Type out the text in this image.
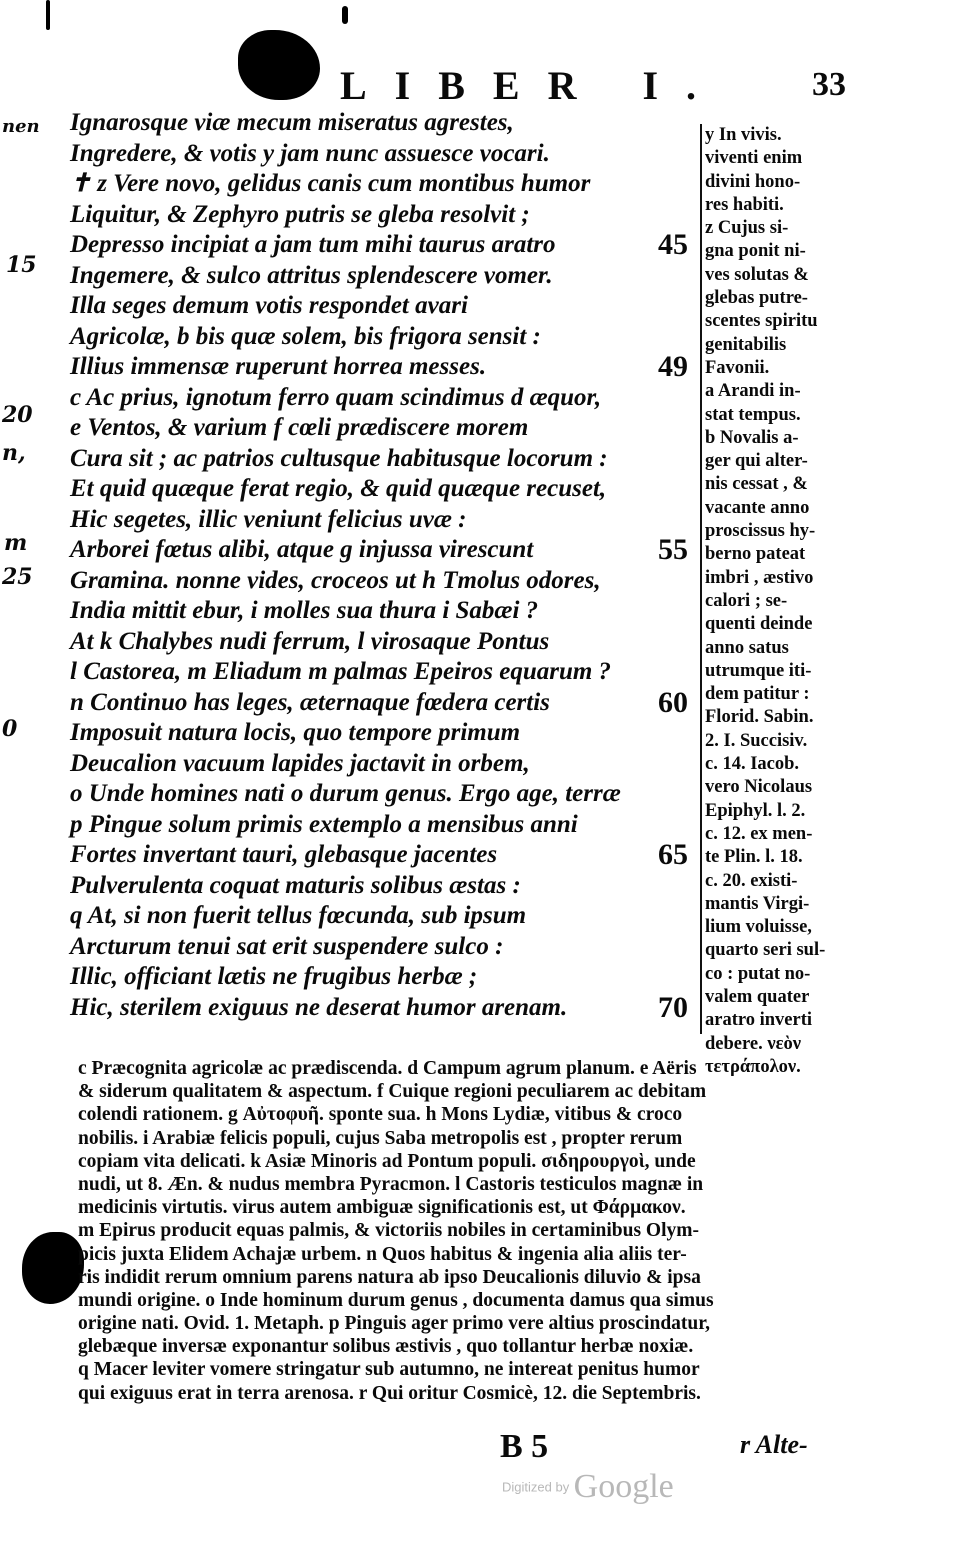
LIBER I.	33
nen
15
20
n,
m
25
0
Ignarosque viæ mecum miseratus agrestes,
Ingredere, & votis y jam nunc assuesce vocari.
✝ z Vere novo, gelidus canis cum montibus humor
Liquitur, & Zephyro putris se gleba resolvit ;
Depresso incipiat a jam tum mihi taurus aratro	45
Ingemere, & sulco attritus splendescere vomer.
Illa seges demum votis respondet avari
Agricolæ, b bis quæ solem, bis frigora sensit :
Illius immensæ ruperunt horrea messes.	49
c Ac prius, ignotum ferro quam scindimus d æquor,
e Ventos, & varium f cœli prædiscere morem
Cura sit ; ac patrios cultusque habitusque locorum :
Et quid quæque ferat regio, & quid quæque recuset,
Hic segetes, illic veniunt felicius uvæ :
Arborei fœtus alibi, atque g injussa virescunt	55
Gramina. nonne vides, croceos ut h Tmolus odores,
India mittit ebur, i molles sua thura i Sabæi ?
At k Chalybes nudi ferrum, l virosaque Pontus
l Castorea, m Eliadum m palmas Epeiros equarum ?
n Continuo has leges, æternaque fœdera certis	60
Imposuit natura locis, quo tempore primum
Deucalion vacuum lapides jactavit in orbem,
o Unde homines nati o durum genus. Ergo age, terræ
p Pingue solum primis extemplo a mensibus anni
Fortes invertant tauri, glebasque jacentes	65
Pulverulenta coquat maturis solibus æstas :
q At, si non fuerit tellus fœcunda, sub ipsum
Arcturum tenui sat erit suspendere sulco :
Illic, officiant lætis ne frugibus herbæ ;
Hic, sterilem exiguus ne deserat humor arenam.	70
y In vivis.
viventi enim
divini hono-
res habiti.
z Cujus si-
gna ponit ni-
ves solutas &
glebas putre-
scentes spiritu
genitabilis
Favonii.
a Arandi in-
stat tempus.
b Novalis a-
ger qui alter-
nis cessat , &
vacante anno
proscissus hy-
berno pateat
imbri , æstivo
calori ; se-
quenti deinde
anno satus
utrumque iti-
dem patitur :
Florid. Sabin.
2. I. Succisiv.
c. 14. Iacob.
vero Nicolaus
Epiphyl. l. 2.
c. 12. ex men-
te Plin. l. 18.
c. 20. existi-
mantis Virgi-
lium voluisse,
quarto seri sul-
co : putat no-
valem quater
aratro inverti
debere. νεὸν
τετράπολον.
c Præcognita agricolæ ac prædiscenda. d Campum agrum planum. e Aëris
& siderum qualitatem & aspectum. f Cuique regioni peculiarem ac debitam
colendi rationem. g Αὐτοφυῆ. sponte sua. h Mons Lydiæ, vitibus & croco
nobilis. i Arabiæ felicis populi, cujus Saba metropolis est , propter rerum
copiam vita delicati. k Asiæ Minoris ad Pontum populi. σιδηρουργοὶ, unde
nudi, ut 8. Æn. & nudus membra Pyracmon. l Castoris testiculos magnæ in
medicinis virtutis. virus autem ambiguæ significationis est, ut Φάρμακον.
m Epirus producit equas palmis, & victoriis nobiles in certaminibus Olym-
picis juxta Elidem Achajæ urbem. n Quos habitus & ingenia alia aliis ter-
ris indidit rerum omnium parens natura ab ipso Deucalionis diluvio & ipsa
mundi origine. o Inde hominum durum genus , documenta damus qua simus
origine nati. Ovid. 1. Metaph. p Pinguis ager primo vere altius proscindatur,
glebæque inversæ exponantur solibus æstivis , quo tollantur herbæ noxiæ.
q Macer leviter vomere stringatur sub autumno, ne intereat penitus humor
qui exiguus erat in terra arenosa. r Qui oritur Cosmicè, 12. die Septembris.
B 5	r Alte-
Digitized by Google
